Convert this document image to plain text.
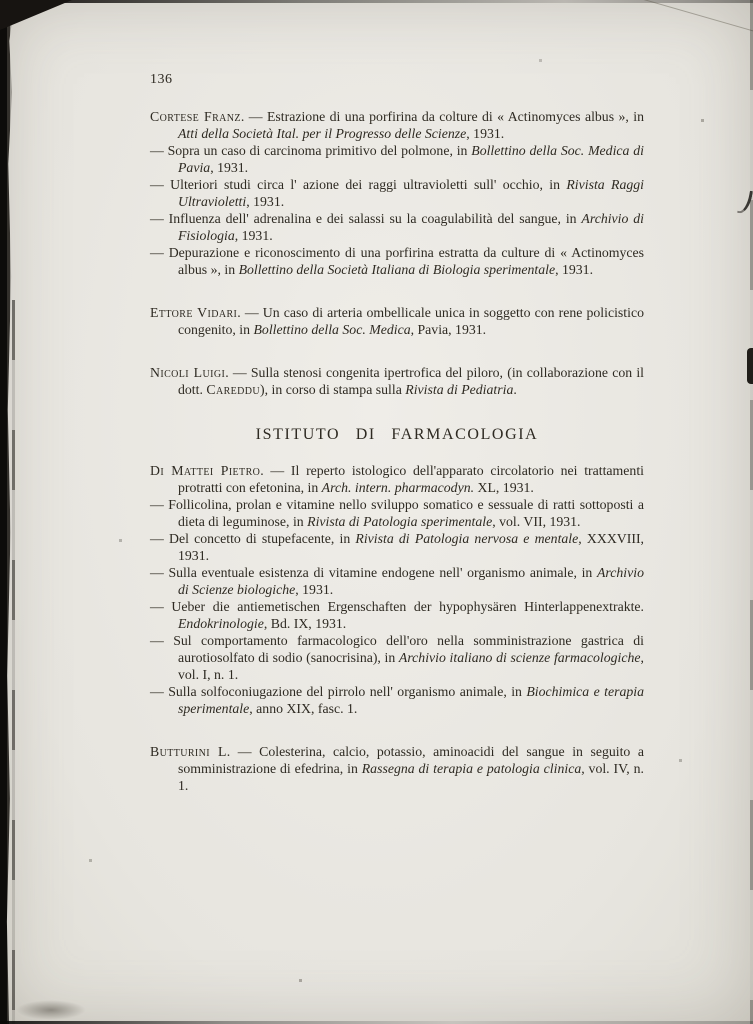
136

Cortese Franz. — Estrazione di una porfirina da colture di « Actinomyces albus », in Atti della Società Ital. per il Progresso delle Scienze, 1931.

— Sopra un caso di carcinoma primitivo del polmone, in Bollettino della Soc. Medica di Pavia, 1931.

— Ulteriori studi circa l' azione dei raggi ultravioletti sull' occhio, in Rivista Raggi Ultravioletti, 1931.

— Influenza dell' adrenalina e dei salassi su la coagulabilità del sangue, in Archivio di Fisiologia, 1931.

— Depurazione e riconoscimento di una porfirina estratta da culture di « Actinomyces albus », in Bollettino della Società Italiana di Biologia sperimentale, 1931.

Ettore Vidari. — Un caso di arteria ombellicale unica in soggetto con rene policistico congenito, in Bollettino della Soc. Medica, Pavia, 1931.

Nicoli Luigi. — Sulla stenosi congenita ipertrofica del piloro, (in collaborazione con il dott. Careddu), in corso di stampa sulla Rivista di Pediatria.

ISTITUTO DI FARMACOLOGIA

Di Mattei Pietro. — Il reperto istologico dell'apparato circolatorio nei trattamenti protratti con efetonina, in Arch. intern. pharmacodyn. XL, 1931.

— Follicolina, prolan e vitamine nello sviluppo somatico e sessuale di ratti sottoposti a dieta di leguminose, in Rivista di Patologia sperimentale, vol. VII, 1931.

— Del concetto di stupefacente, in Rivista di Patologia nervosa e mentale, XXXVIII, 1931.

— Sulla eventuale esistenza di vitamine endogene nell' organismo animale, in Archivio di Scienze biologiche, 1931.

— Ueber die antiemetischen Ergenschaften der hypophysären Hinterlappenextrakte. Endokrinologie, Bd. IX, 1931.

— Sul comportamento farmacologico dell'oro nella somministrazione gastrica di aurotiosolfato di sodio (sanocrisina), in Archivio italiano di scienze farmacologiche, vol. I, n. 1.

— Sulla solfoconiugazione del pirrolo nell' organismo animale, in Biochimica e terapia sperimentale, anno XIX, fasc. 1.

Butturini L. — Colesterina, calcio, potassio, aminoacidi del sangue in seguito a somministrazione di efedrina, in Rassegna di terapia e patologia clinica, vol. IV, n. 1.
